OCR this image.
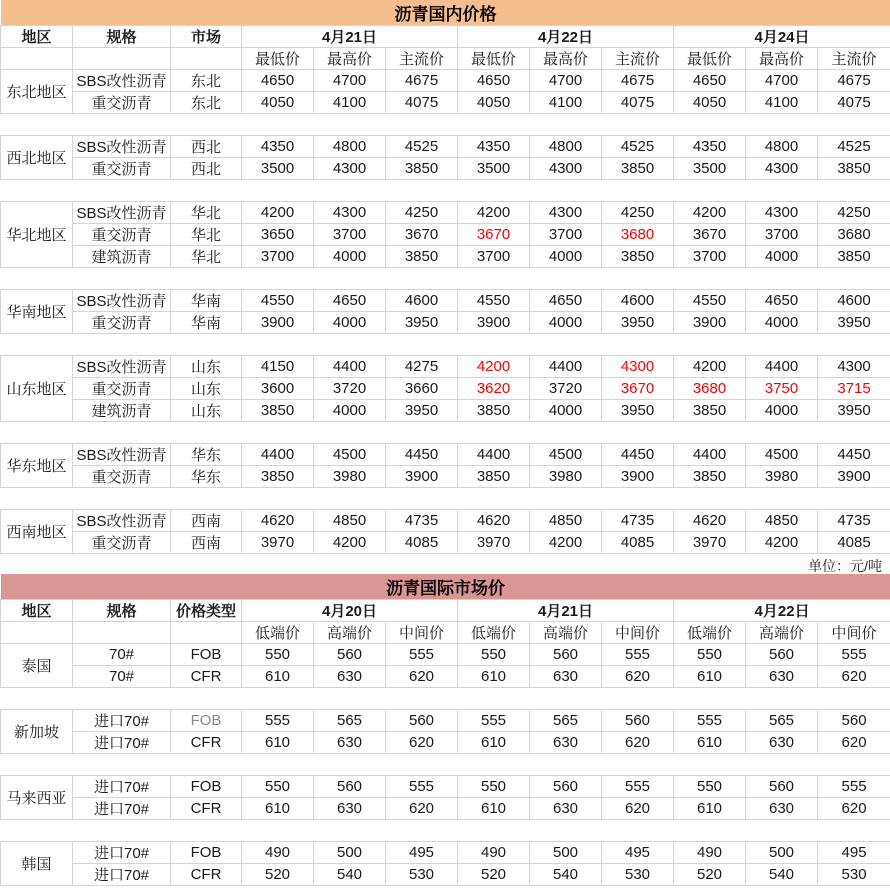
沥青国内价格											
地区	规格	市场	4月21日			4月22日			4月24日		
			最低价	最高价	主流价	最低价	最高价	主流价	最低价	最高价	主流价
东北地区	SBS改性沥青	东北	4650	4700	4675	4650	4700	4675	4650	4700	4675
	重交沥青	东北	4050	4100	4075	4050	4100	4075	4050	4100	4075

西北地区	SBS改性沥青	西北	4350	4800	4525	4350	4800	4525	4350	4800	4525
	重交沥青	西北	3500	4300	3850	3500	4300	3850	3500	4300	3850

华北地区	SBS改性沥青	华北	4200	4300	4250	4200	4300	4250	4200	4300	4250
	重交沥青	华北	3650	3700	3670	3670	3700	3680	3670	3700	3680
	建筑沥青	华北	3700	4000	3850	3700	4000	3850	3700	4000	3850

华南地区	SBS改性沥青	华南	4550	4650	4600	4550	4650	4600	4550	4650	4600
	重交沥青	华南	3900	4000	3950	3900	4000	3950	3900	4000	3950

山东地区	SBS改性沥青	山东	4150	4400	4275	4200	4400	4300	4200	4400	4300
	重交沥青	山东	3600	3720	3660	3620	3720	3670	3680	3750	3715
	建筑沥青	山东	3850	4000	3950	3850	4000	3950	3850	4000	3950

华东地区	SBS改性沥青	华东	4400	4500	4450	4400	4500	4450	4400	4500	4450
	重交沥青	华东	3850	3980	3900	3850	3980	3900	3850	3980	3900

西南地区	SBS改性沥青	西南	4620	4850	4735	4620	4850	4735	4620	4850	4735
	重交沥青	西南	3970	4200	4085	3970	4200	4085	3970	4200	4085
单位：元/吨
沥青国际市场价											
地区	规格	价格类型	4月20日			4月21日			4月22日		
			低端价	高端价	中间价	低端价	高端价	中间价	低端价	高端价	中间价
泰国	70#	FOB	550	560	555	550	560	555	550	560	555
	70#	CFR	610	630	620	610	630	620	610	630	620

新加坡	进口70#	FOB	555	565	560	555	565	560	555	565	560
	进口70#	CFR	610	630	620	610	630	620	610	630	620

马来西亚	进口70#	FOB	550	560	555	550	560	555	550	560	555
	进口70#	CFR	610	630	620	610	630	620	610	630	620

韩国	进口70#	FOB	490	500	495	490	500	495	490	500	495
	进口70#	CFR	520	540	530	520	540	530	520	540	530
